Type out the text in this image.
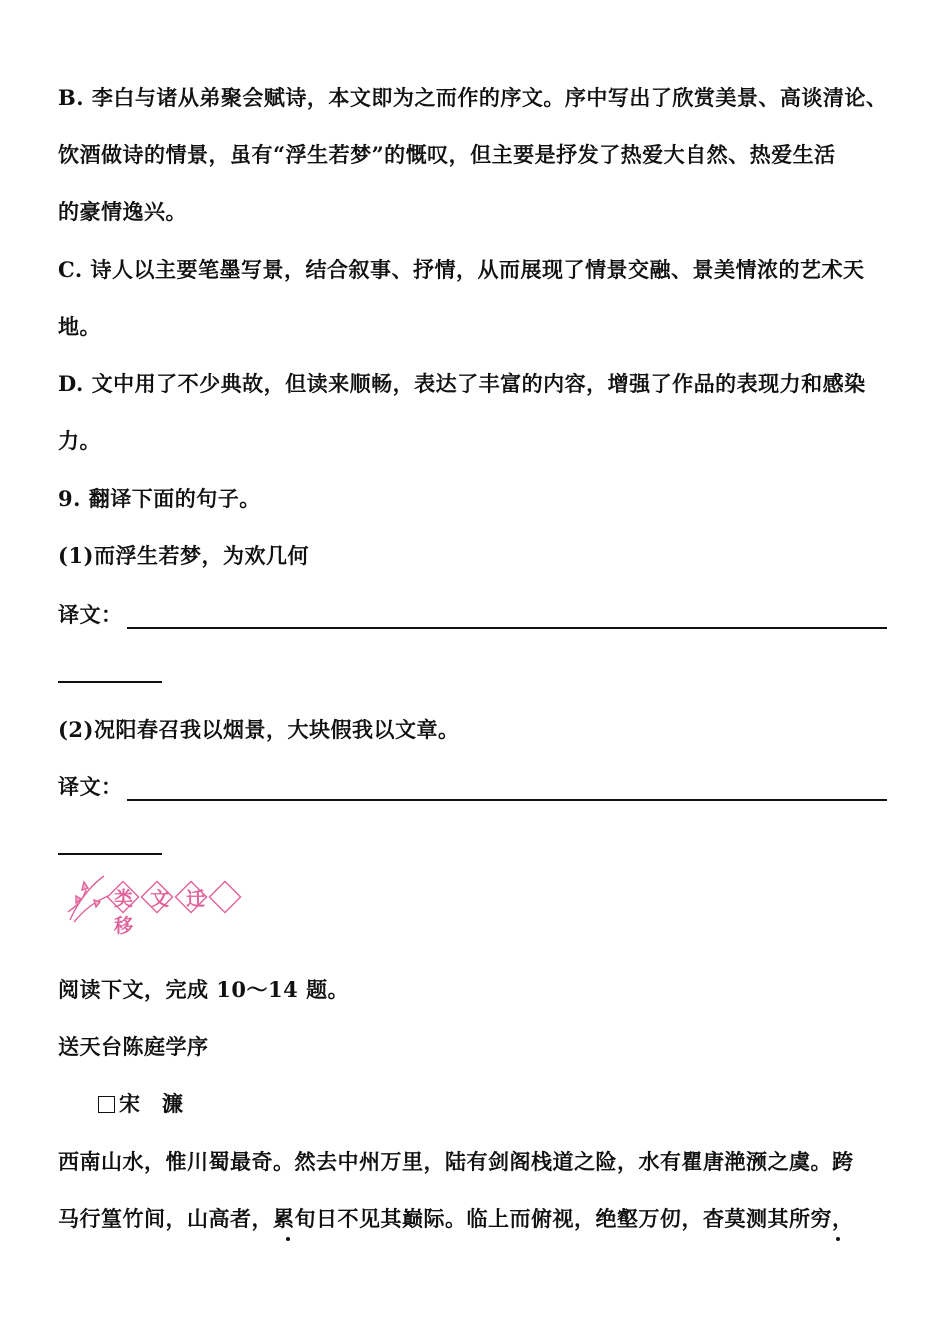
B. 李白与诸从弟聚会赋诗，本文即为之而作的序文。序中写出了欣赏美景、高谈清论、
饮酒做诗的情景，虽有“浮生若梦”的慨叹，但主要是抒发了热爱大自然、热爱生活
的豪情逸兴。
C. 诗人以主要笔墨写景，结合叙事、抒情，从而展现了情景交融、景美情浓的艺术天
地。
D. 文中用了不少典故，但读来顺畅，表达了丰富的内容，增强了作品的表现力和感染
力。
9. 翻译下面的句子。
(1)而浮生若梦，为欢几何
译文：
(2)况阳春召我以烟景，大块假我以文章。
译文：
类文迁移
阅读下文，完成 10～14 题。
送天台陈庭学序
宋　濂
西南山水，惟川蜀最奇。然去中州万里，陆有剑阁栈道之险，水有瞿唐滟滪之虞。跨
马行篁竹间，山高者，累旬日不见其巅际。临上而俯视，绝壑万仞，杳莫测其所穷，
